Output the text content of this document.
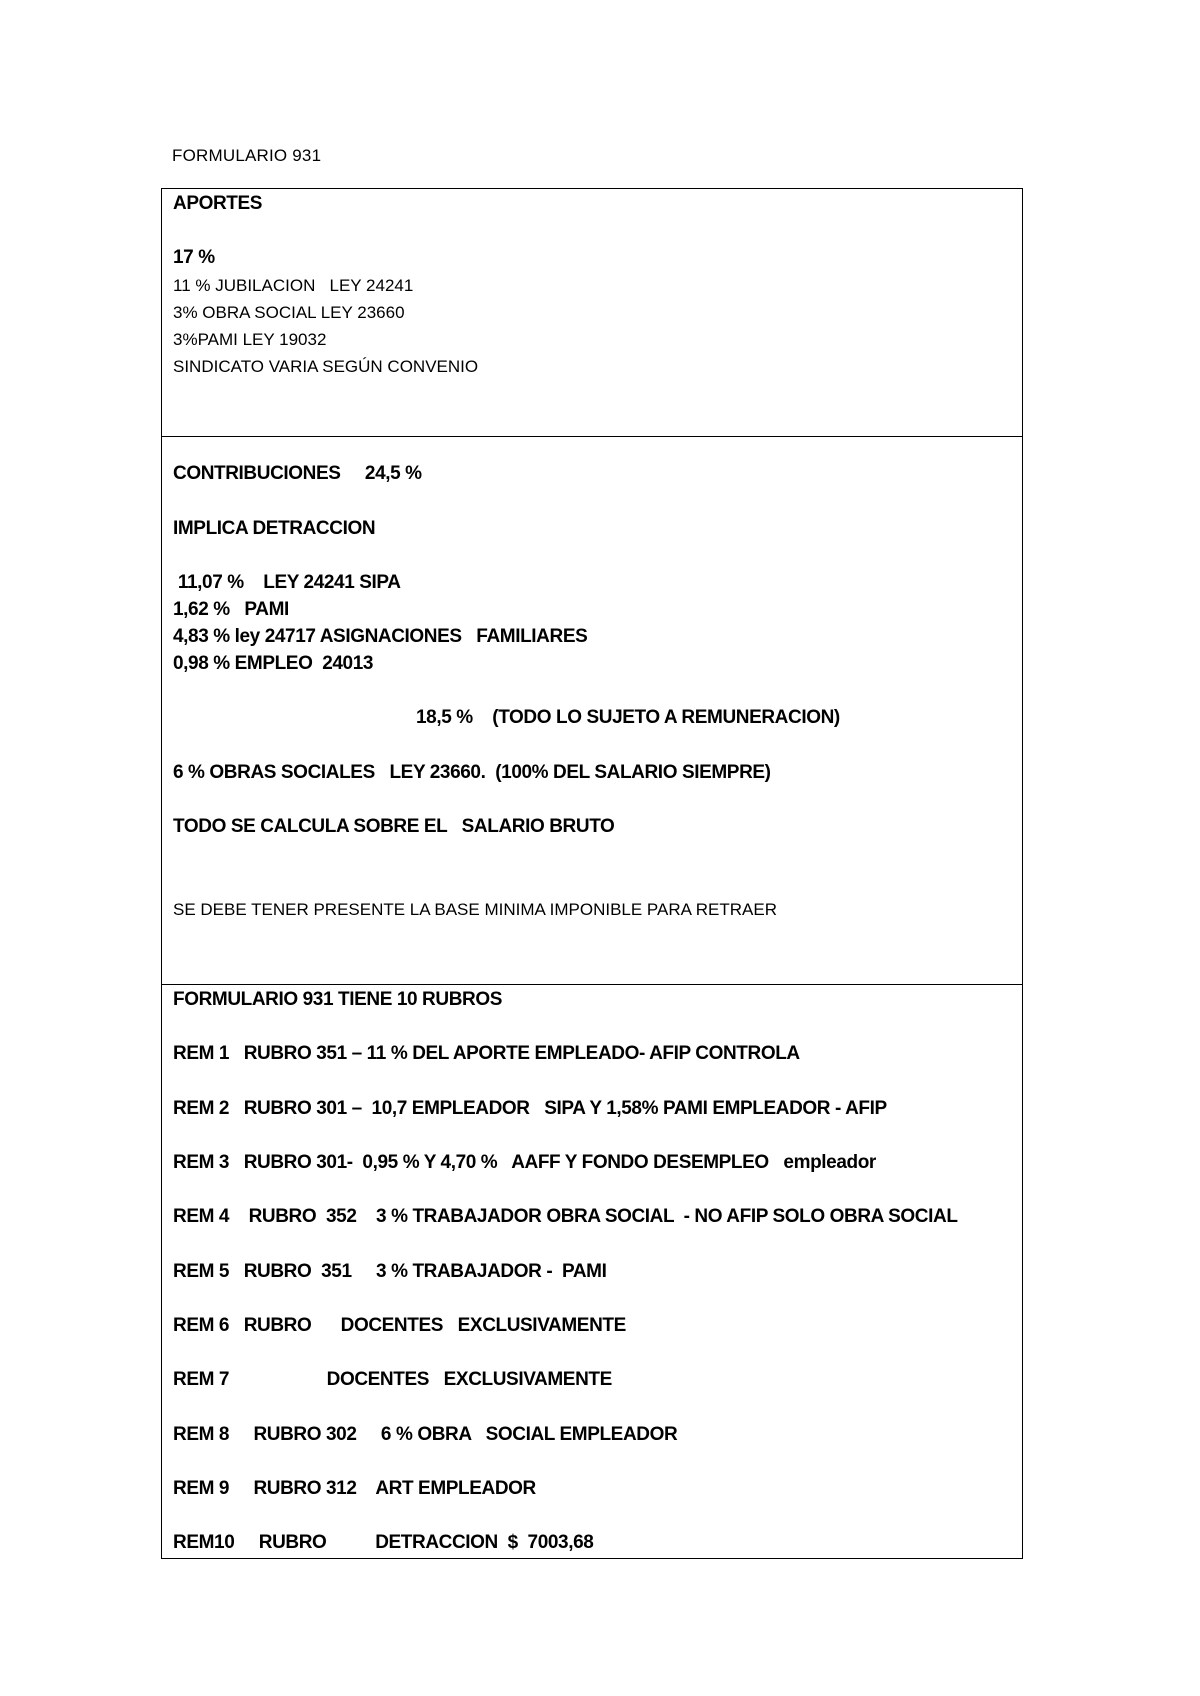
FORMULARIO 931
APORTES
17 %
11 % JUBILACION   LEY 24241
3% OBRA SOCIAL LEY 23660
3%PAMI LEY 19032
SINDICATO VARIA SEGÚN CONVENIO
CONTRIBUCIONES     24,5 %
IMPLICA DETRACCION
11,07 %    LEY 24241 SIPA
1,62 %   PAMI
4,83 % ley 24717 ASIGNACIONES   FAMILIARES
0,98 % EMPLEO  24013
18,5 %    (TODO LO SUJETO A REMUNERACION)
6 % OBRAS SOCIALES   LEY 23660.  (100% DEL SALARIO SIEMPRE)
TODO SE CALCULA SOBRE EL   SALARIO BRUTO
SE DEBE TENER PRESENTE LA BASE MINIMA IMPONIBLE PARA RETRAER
FORMULARIO 931 TIENE 10 RUBROS
REM 1   RUBRO 351 – 11 % DEL APORTE EMPLEADO- AFIP CONTROLA
REM 2   RUBRO 301 –  10,7 EMPLEADOR   SIPA Y 1,58% PAMI EMPLEADOR - AFIP
REM 3   RUBRO 301-  0,95 % Y 4,70 %   AAFF Y FONDO DESEMPLEO   empleador
REM 4    RUBRO  352    3 % TRABAJADOR OBRA SOCIAL  - NO AFIP SOLO OBRA SOCIAL
REM 5   RUBRO  351     3 % TRABAJADOR -  PAMI
REM 6   RUBRO      DOCENTES   EXCLUSIVAMENTE
REM 7                    DOCENTES   EXCLUSIVAMENTE
REM 8     RUBRO 302     6 % OBRA   SOCIAL EMPLEADOR
REM 9     RUBRO 312    ART EMPLEADOR
REM10     RUBRO          DETRACCION  $  7003,68
